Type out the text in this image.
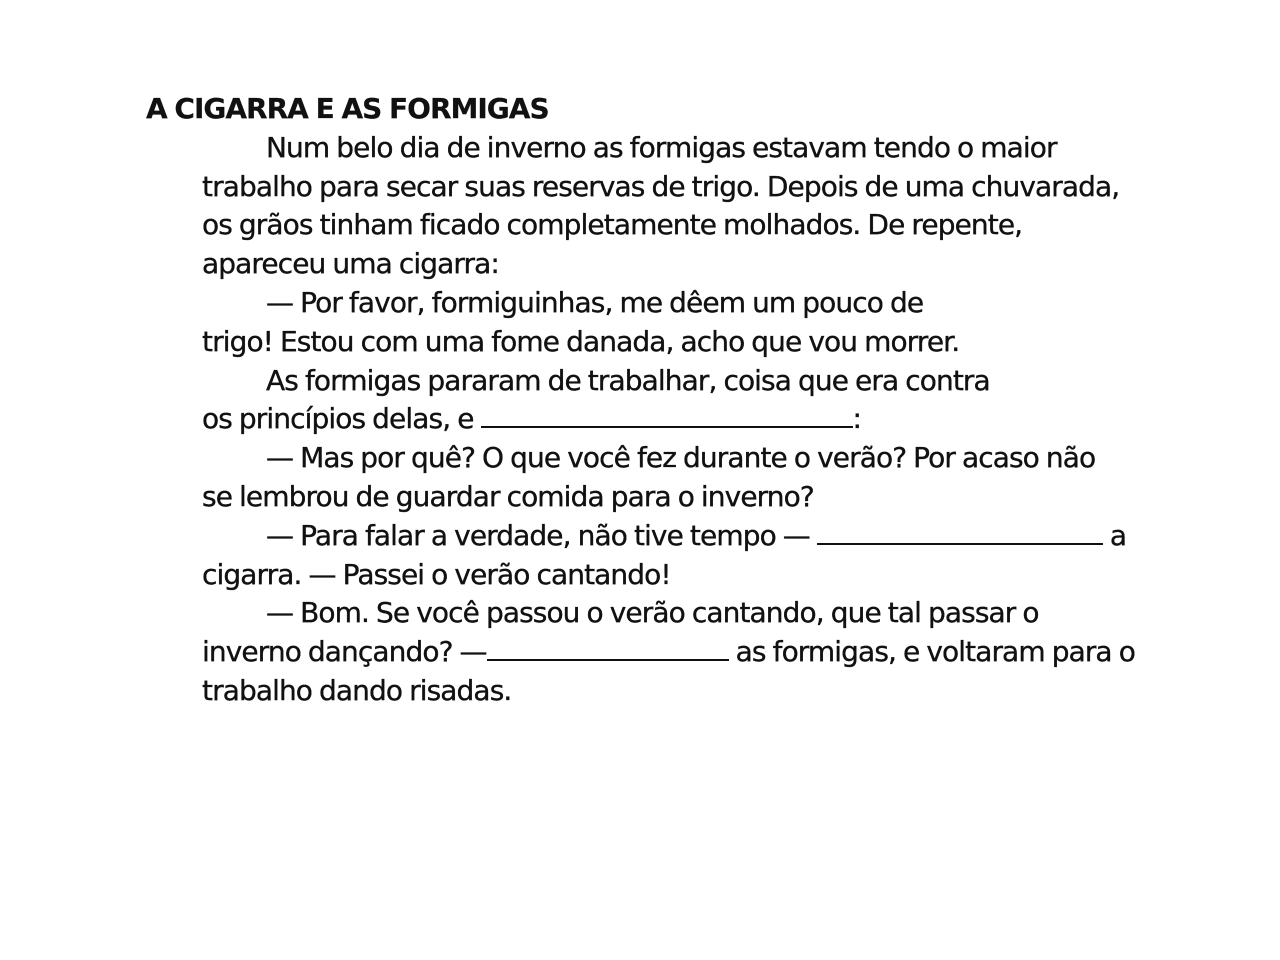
A CIGARRA E AS FORMIGAS

Num belo dia de inverno as formigas estavam tendo o maior
trabalho para secar suas reservas de trigo. Depois de uma chuvarada,
os grãos tinham ficado completamente molhados. De repente,
apareceu uma cigarra:

— Por favor, formiguinhas, me dêem um pouco de
trigo! Estou com uma fome danada, acho que vou morrer.

As formigas pararam de trabalhar, coisa que era contra
os princípios delas, e	:

— Mas por quê? O que você fez durante o verão? Por acaso não
se lembrou de guardar comida para o inverno?

— Para falar a verdade, não tive tempo —	a
cigarra. — Passei o verão cantando!

— Bom. Se você passou o verão cantando, que tal passar o
inverno dançando? —	as formigas, e voltaram para o
trabalho dando risadas.
